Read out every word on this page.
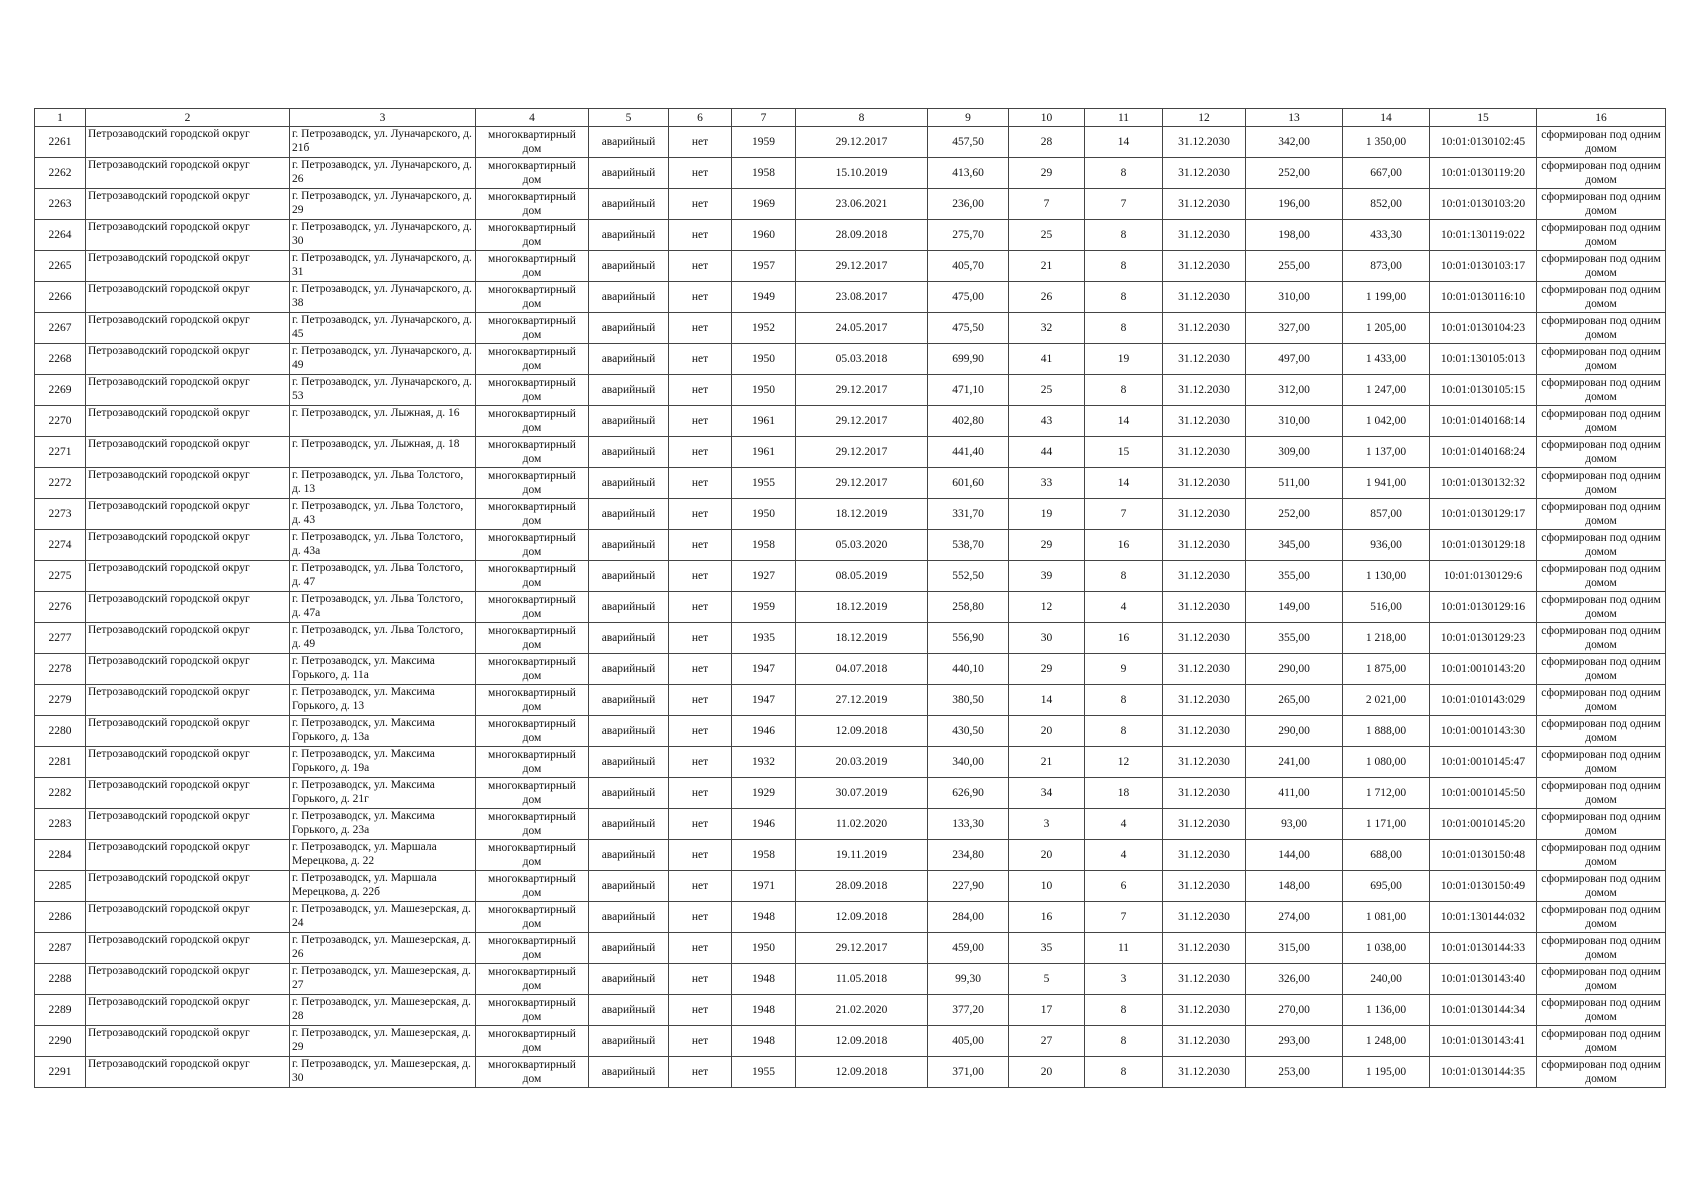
1	2	3	4	5	6	7	8	9	10	11	12	13	14	15	16
2261	Петрозаводский городской округ	г. Петрозаводск, ул. Луначарского, д. 21б	многоквартирный дом	аварийный	нет	1959	29.12.2017	457,50	28	14	31.12.2030	342,00	1 350,00	10:01:0130102:45	сформирован под одним домом
2262	Петрозаводский городской округ	г. Петрозаводск, ул. Луначарского, д. 26	многоквартирный дом	аварийный	нет	1958	15.10.2019	413,60	29	8	31.12.2030	252,00	667,00	10:01:0130119:20	сформирован под одним домом
2263	Петрозаводский городской округ	г. Петрозаводск, ул. Луначарского, д. 29	многоквартирный дом	аварийный	нет	1969	23.06.2021	236,00	7	7	31.12.2030	196,00	852,00	10:01:0130103:20	сформирован под одним домом
2264	Петрозаводский городской округ	г. Петрозаводск, ул. Луначарского, д. 30	многоквартирный дом	аварийный	нет	1960	28.09.2018	275,70	25	8	31.12.2030	198,00	433,30	10:01:130119:022	сформирован под одним домом
2265	Петрозаводский городской округ	г. Петрозаводск, ул. Луначарского, д. 31	многоквартирный дом	аварийный	нет	1957	29.12.2017	405,70	21	8	31.12.2030	255,00	873,00	10:01:0130103:17	сформирован под одним домом
2266	Петрозаводский городской округ	г. Петрозаводск, ул. Луначарского, д. 38	многоквартирный дом	аварийный	нет	1949	23.08.2017	475,00	26	8	31.12.2030	310,00	1 199,00	10:01:0130116:10	сформирован под одним домом
2267	Петрозаводский городской округ	г. Петрозаводск, ул. Луначарского, д. 45	многоквартирный дом	аварийный	нет	1952	24.05.2017	475,50	32	8	31.12.2030	327,00	1 205,00	10:01:0130104:23	сформирован под одним домом
2268	Петрозаводский городской округ	г. Петрозаводск, ул. Луначарского, д. 49	многоквартирный дом	аварийный	нет	1950	05.03.2018	699,90	41	19	31.12.2030	497,00	1 433,00	10:01:130105:013	сформирован под одним домом
2269	Петрозаводский городской округ	г. Петрозаводск, ул. Луначарского, д. 53	многоквартирный дом	аварийный	нет	1950	29.12.2017	471,10	25	8	31.12.2030	312,00	1 247,00	10:01:0130105:15	сформирован под одним домом
2270	Петрозаводский городской округ	г. Петрозаводск, ул. Лыжная, д. 16	многоквартирный дом	аварийный	нет	1961	29.12.2017	402,80	43	14	31.12.2030	310,00	1 042,00	10:01:0140168:14	сформирован под одним домом
2271	Петрозаводский городской округ	г. Петрозаводск, ул. Лыжная, д. 18	многоквартирный дом	аварийный	нет	1961	29.12.2017	441,40	44	15	31.12.2030	309,00	1 137,00	10:01:0140168:24	сформирован под одним домом
2272	Петрозаводский городской округ	г. Петрозаводск, ул. Льва Толстого, д. 13	многоквартирный дом	аварийный	нет	1955	29.12.2017	601,60	33	14	31.12.2030	511,00	1 941,00	10:01:0130132:32	сформирован под одним домом
2273	Петрозаводский городской округ	г. Петрозаводск, ул. Льва Толстого, д. 43	многоквартирный дом	аварийный	нет	1950	18.12.2019	331,70	19	7	31.12.2030	252,00	857,00	10:01:0130129:17	сформирован под одним домом
2274	Петрозаводский городской округ	г. Петрозаводск, ул. Льва Толстого, д. 43а	многоквартирный дом	аварийный	нет	1958	05.03.2020	538,70	29	16	31.12.2030	345,00	936,00	10:01:0130129:18	сформирован под одним домом
2275	Петрозаводский городской округ	г. Петрозаводск, ул. Льва Толстого, д. 47	многоквартирный дом	аварийный	нет	1927	08.05.2019	552,50	39	8	31.12.2030	355,00	1 130,00	10:01:0130129:6	сформирован под одним домом
2276	Петрозаводский городской округ	г. Петрозаводск, ул. Льва Толстого, д. 47а	многоквартирный дом	аварийный	нет	1959	18.12.2019	258,80	12	4	31.12.2030	149,00	516,00	10:01:0130129:16	сформирован под одним домом
2277	Петрозаводский городской округ	г. Петрозаводск, ул. Льва Толстого, д. 49	многоквартирный дом	аварийный	нет	1935	18.12.2019	556,90	30	16	31.12.2030	355,00	1 218,00	10:01:0130129:23	сформирован под одним домом
2278	Петрозаводский городской округ	г. Петрозаводск, ул. Максима Горького, д. 11а	многоквартирный дом	аварийный	нет	1947	04.07.2018	440,10	29	9	31.12.2030	290,00	1 875,00	10:01:0010143:20	сформирован под одним домом
2279	Петрозаводский городской округ	г. Петрозаводск, ул. Максима Горького, д. 13	многоквартирный дом	аварийный	нет	1947	27.12.2019	380,50	14	8	31.12.2030	265,00	2 021,00	10:01:010143:029	сформирован под одним домом
2280	Петрозаводский городской округ	г. Петрозаводск, ул. Максима Горького, д. 13а	многоквартирный дом	аварийный	нет	1946	12.09.2018	430,50	20	8	31.12.2030	290,00	1 888,00	10:01:0010143:30	сформирован под одним домом
2281	Петрозаводский городской округ	г. Петрозаводск, ул. Максима Горького, д. 19а	многоквартирный дом	аварийный	нет	1932	20.03.2019	340,00	21	12	31.12.2030	241,00	1 080,00	10:01:0010145:47	сформирован под одним домом
2282	Петрозаводский городской округ	г. Петрозаводск, ул. Максима Горького, д. 21г	многоквартирный дом	аварийный	нет	1929	30.07.2019	626,90	34	18	31.12.2030	411,00	1 712,00	10:01:0010145:50	сформирован под одним домом
2283	Петрозаводский городской округ	г. Петрозаводск, ул. Максима Горького, д. 23а	многоквартирный дом	аварийный	нет	1946	11.02.2020	133,30	3	4	31.12.2030	93,00	1 171,00	10:01:0010145:20	сформирован под одним домом
2284	Петрозаводский городской округ	г. Петрозаводск, ул. Маршала Мерецкова, д. 22	многоквартирный дом	аварийный	нет	1958	19.11.2019	234,80	20	4	31.12.2030	144,00	688,00	10:01:0130150:48	сформирован под одним домом
2285	Петрозаводский городской округ	г. Петрозаводск, ул. Маршала Мерецкова, д. 22б	многоквартирный дом	аварийный	нет	1971	28.09.2018	227,90	10	6	31.12.2030	148,00	695,00	10:01:0130150:49	сформирован под одним домом
2286	Петрозаводский городской округ	г. Петрозаводск, ул. Машезерская, д. 24	многоквартирный дом	аварийный	нет	1948	12.09.2018	284,00	16	7	31.12.2030	274,00	1 081,00	10:01:130144:032	сформирован под одним домом
2287	Петрозаводский городской округ	г. Петрозаводск, ул. Машезерская, д. 26	многоквартирный дом	аварийный	нет	1950	29.12.2017	459,00	35	11	31.12.2030	315,00	1 038,00	10:01:0130144:33	сформирован под одним домом
2288	Петрозаводский городской округ	г. Петрозаводск, ул. Машезерская, д. 27	многоквартирный дом	аварийный	нет	1948	11.05.2018	99,30	5	3	31.12.2030	326,00	240,00	10:01:0130143:40	сформирован под одним домом
2289	Петрозаводский городской округ	г. Петрозаводск, ул. Машезерская, д. 28	многоквартирный дом	аварийный	нет	1948	21.02.2020	377,20	17	8	31.12.2030	270,00	1 136,00	10:01:0130144:34	сформирован под одним домом
2290	Петрозаводский городской округ	г. Петрозаводск, ул. Машезерская, д. 29	многоквартирный дом	аварийный	нет	1948	12.09.2018	405,00	27	8	31.12.2030	293,00	1 248,00	10:01:0130143:41	сформирован под одним домом
2291	Петрозаводский городской округ	г. Петрозаводск, ул. Машезерская, д. 30	многоквартирный дом	аварийный	нет	1955	12.09.2018	371,00	20	8	31.12.2030	253,00	1 195,00	10:01:0130144:35	сформирован под одним домом
